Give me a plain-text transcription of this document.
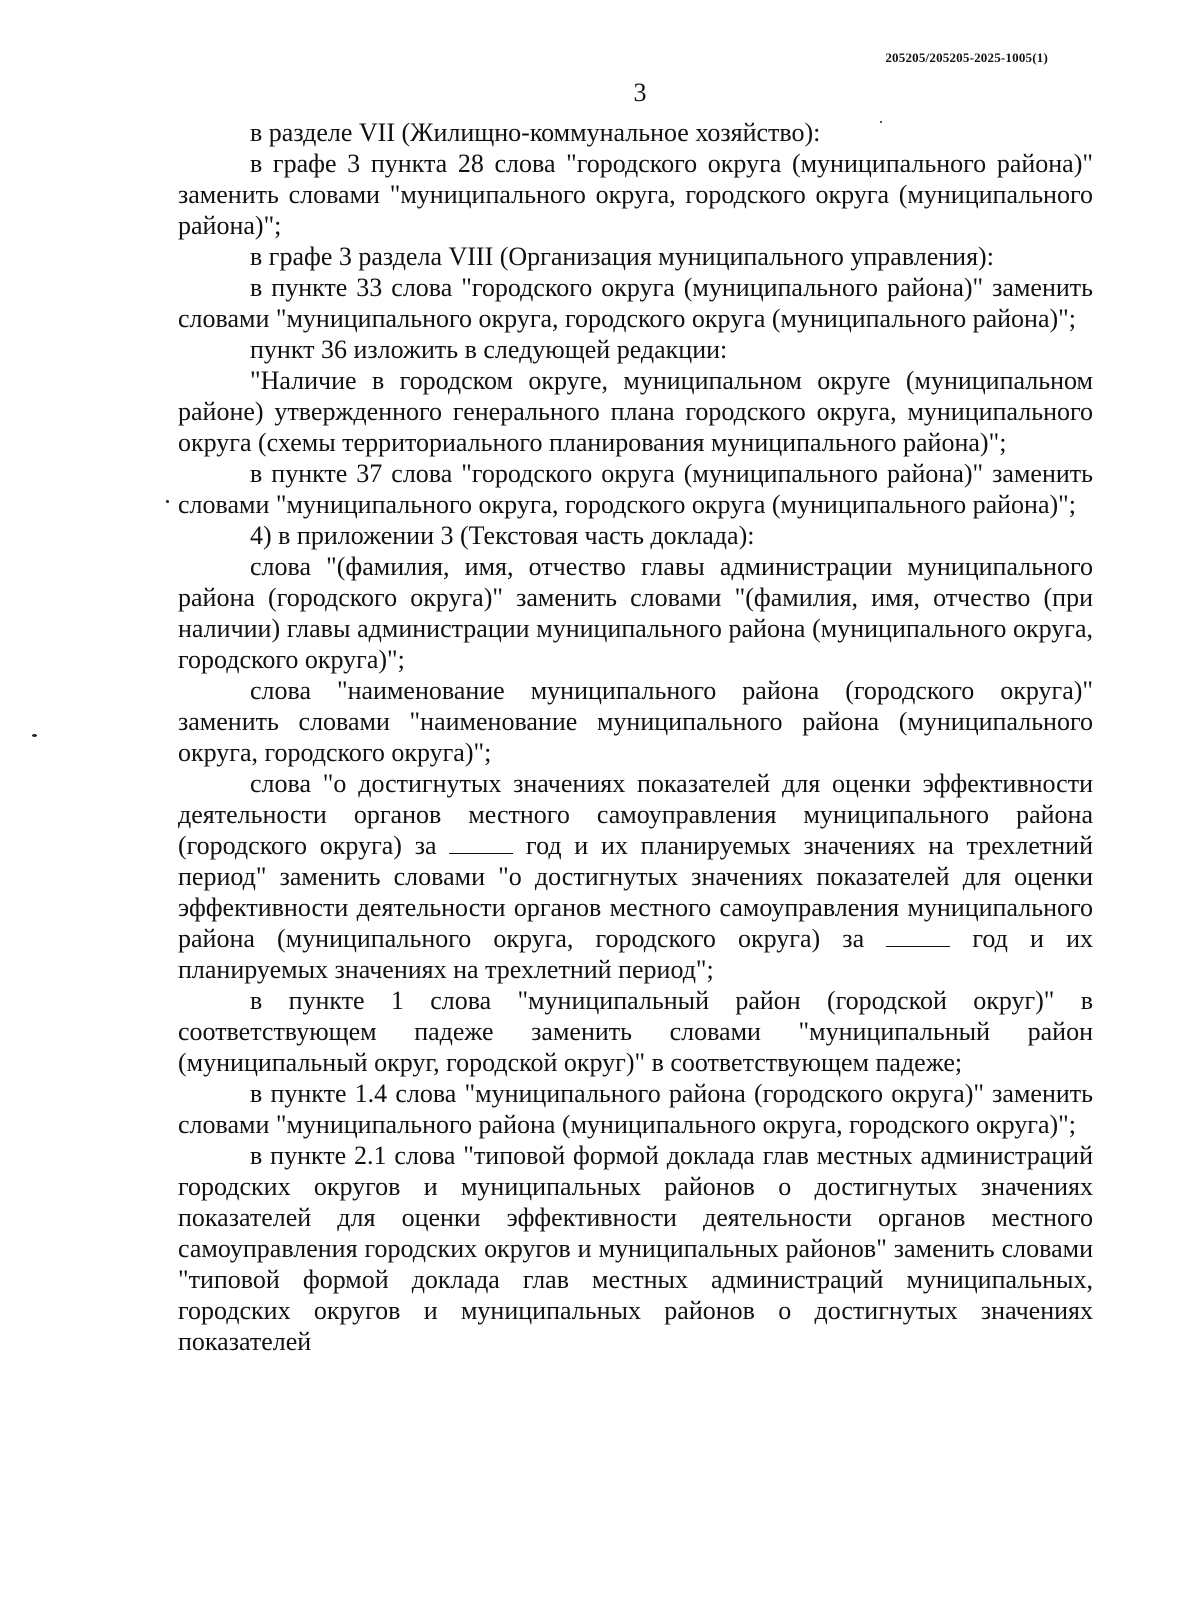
205205/205205-2025-1005(1)
3

в разделе VII (Жилищно-коммунальное хозяйство):

в графе 3 пункта 28 слова "городского округа (муниципального района)" заменить словами "муниципального округа, городского округа (муниципального района)";

в графе 3 раздела VIII (Организация муниципального управления):

в пункте 33 слова "городского округа (муниципального района)" заменить словами "муниципального округа, городского округа (муниципального района)";

пункт 36 изложить в следующей редакции:

"Наличие в городском округе, муниципальном округе (муниципальном районе) утвержденного генерального плана городского округа, муниципального округа (схемы территориального планирования муниципального района)";

в пункте 37 слова "городского округа (муниципального района)" заменить словами "муниципального округа, городского округа (муниципального района)";

4) в приложении 3 (Текстовая часть доклада):

слова "(фамилия, имя, отчество главы администрации муниципального района (городского округа)" заменить словами "(фамилия, имя, отчество (при наличии) главы администрации муниципального района (муниципального округа, городского округа)";

слова "наименование муниципального района (городского округа)" заменить словами "наименование муниципального района (муниципального округа, городского округа)";

слова "о достигнутых значениях показателей для оценки эффективности деятельности органов местного самоуправления муниципального района (городского округа) за	год и их планируемых значениях на трехлетний период" заменить словами "о достигнутых значениях показателей для оценки эффективности деятельности органов местного самоуправления муниципального района (муниципального округа, городского округа) за	год и их планируемых значениях на трехлетний период";

в пункте 1 слова "муниципальный район (городской округ)" в соответствующем падеже заменить словами "муниципальный район (муниципальный округ, городской округ)" в соответствующем падеже;

в пункте 1.4 слова "муниципального района (городского округа)" заменить словами "муниципального района (муниципального округа, городского округа)";

в пункте 2.1 слова "типовой формой доклада глав местных администраций городских округов и муниципальных районов о достигнутых значениях показателей для оценки эффективности деятельности органов местного самоуправления городских округов и муниципальных районов" заменить словами "типовой формой доклада глав местных администраций муниципальных, городских округов и муниципальных районов о достигнутых значениях показателей
